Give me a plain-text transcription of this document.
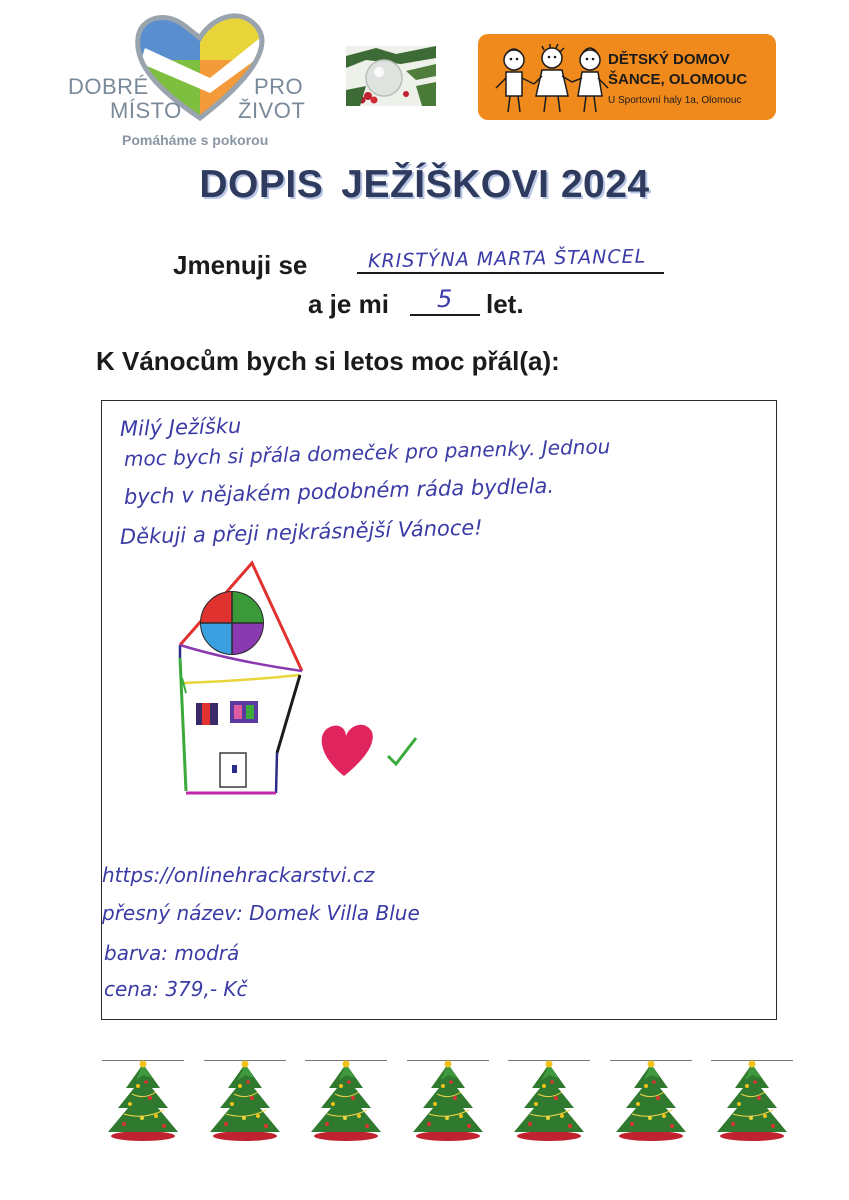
DOBRÉ
MÍSTO
PRO
ŽIVOT
Pomáháme s pokorou
DĚTSKÝ DOMOV
ŠANCE, OLOMOUC
U Sportovní haly 1a, Olomouc
DOPIS JEŽÍŠKOVI 2024
Jmenuji se	KRISTÝNA MARTA ŠTANCEL
a je mi 5 let.
K Vánocům bych si letos moc přál(a):
Milý Ježíšku
moc bych si přála domeček pro panenky. Jednou
bych v nějakém podobném ráda bydlela.
Děkuji a přeji nejkrásnější Vánoce!
https://onlinehrackarstvi.cz
přesný název: Domek Villa Blue
barva: modrá
cena: 379,- Kč
